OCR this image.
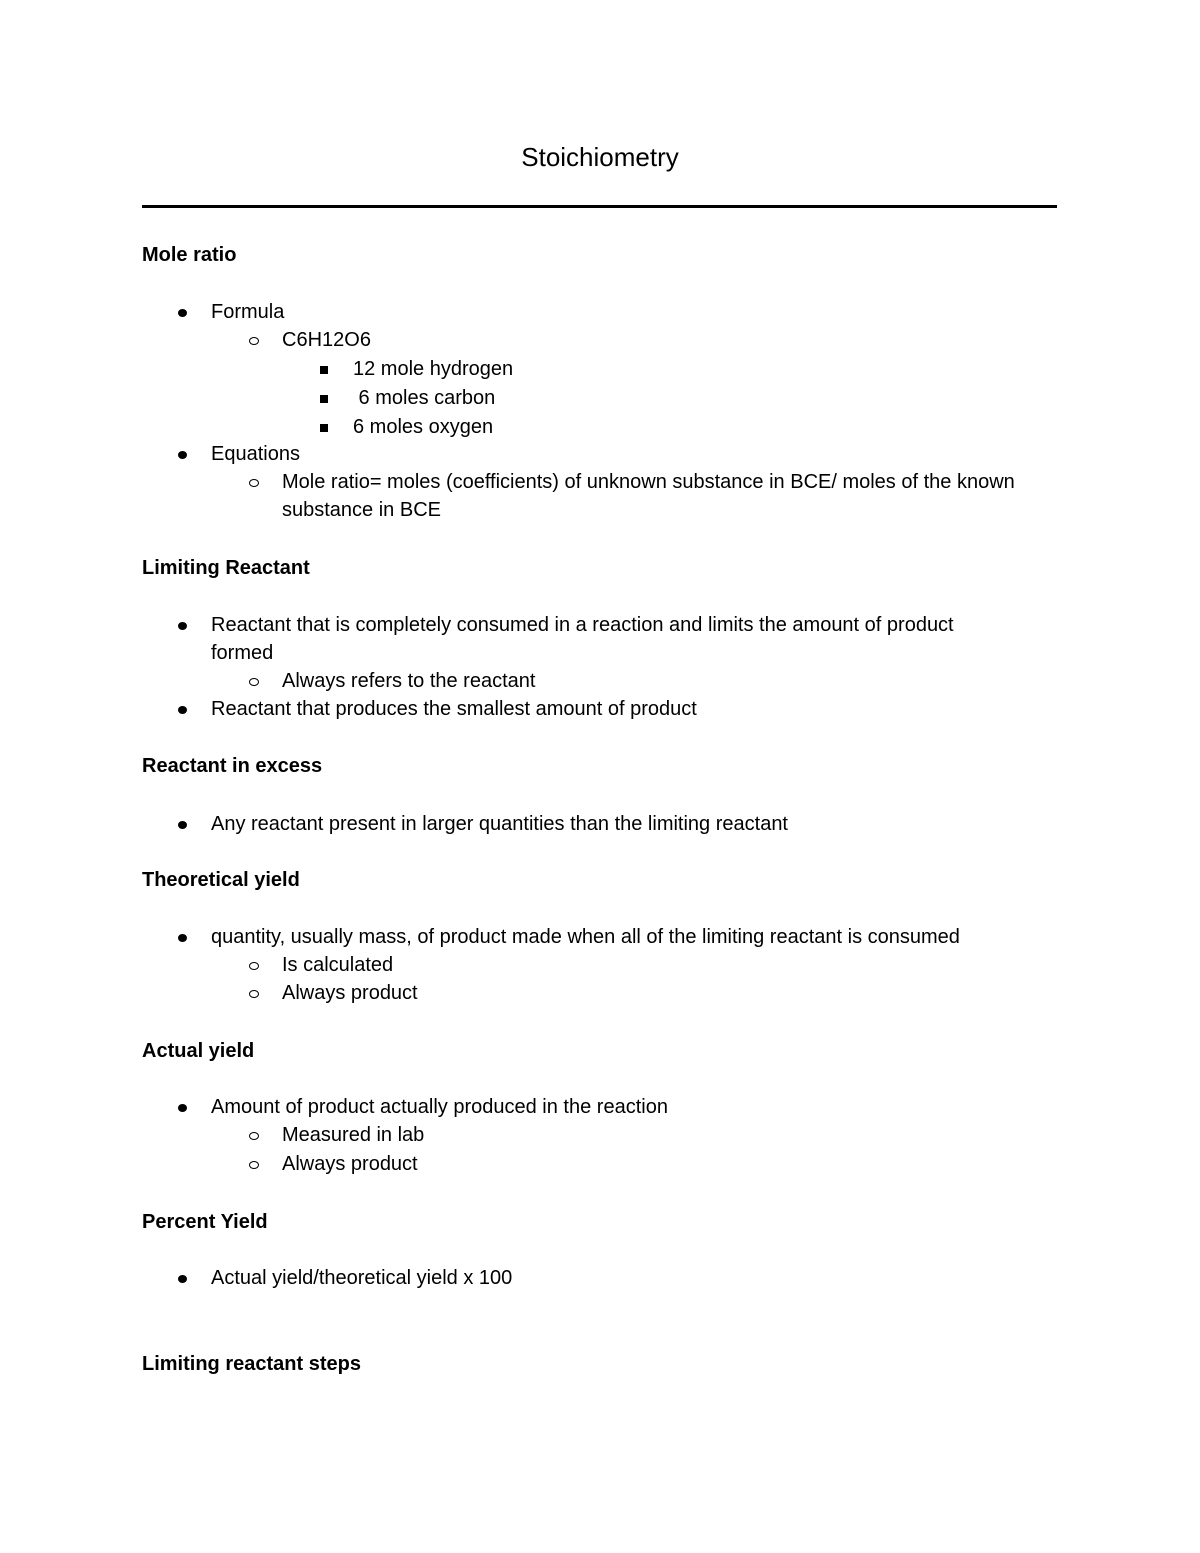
Stoichiometry
Mole ratio
Formula
C6H12O6
12 mole hydrogen
6 moles carbon
6 moles oxygen
Equations
Mole ratio= moles (coefficients) of unknown substance in BCE/ moles of the known substance in BCE
Limiting Reactant
Reactant that is completely consumed in a reaction and limits the amount of product formed
Always refers to the reactant
Reactant that produces the smallest amount of product
Reactant in excess
Any reactant present in larger quantities than the limiting reactant
Theoretical yield
quantity, usually mass, of product made when all of the limiting reactant is consumed
Is calculated
Always product
Actual yield
Amount of product actually produced in the reaction
Measured in lab
Always product
Percent Yield
Actual yield/theoretical yield x 100
Limiting reactant steps
